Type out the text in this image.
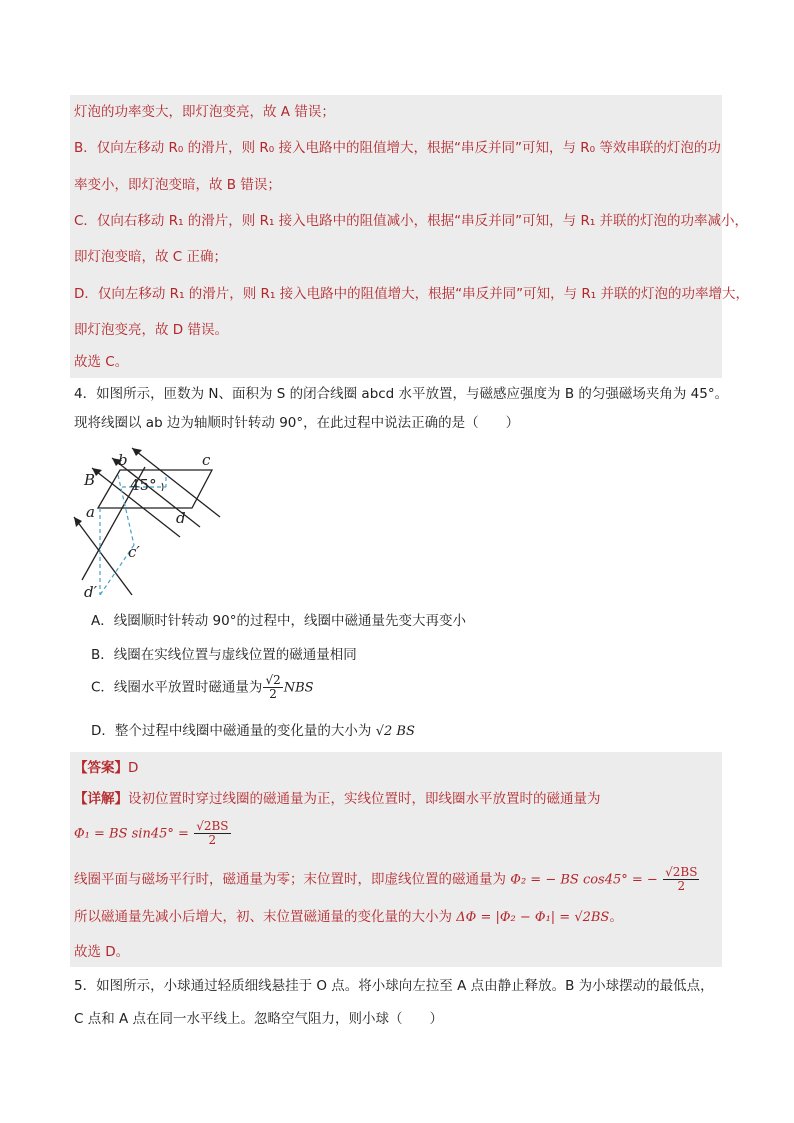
灯泡的功率变大，即灯泡变亮，故 A 错误；
B．仅向左移动 R₀ 的滑片，则 R₀ 接入电路中的阻值增大，根据“串反并同”可知，与 R₀ 等效串联的灯泡的功
率变小，即灯泡变暗，故 B 错误；
C．仅向右移动 R₁ 的滑片，则 R₁ 接入电路中的阻值减小，根据“串反并同”可知，与 R₁ 并联的灯泡的功率减小，
即灯泡变暗，故 C 正确；
D．仅向左移动 R₁ 的滑片，则 R₁ 接入电路中的阻值增大，根据“串反并同”可知，与 R₁ 并联的灯泡的功率增大，
即灯泡变亮，故 D 错误。
故选 C。
4．如图所示，匝数为 N、面积为 S 的闭合线圈 abcd 水平放置，与磁感应强度为 B 的匀强磁场夹角为 45°。
现将线圈以 ab 边为轴顺时针转动 90°，在此过程中说法正确的是（　　）
b	c
B 45°
a	d
c′
d′
A．线圈顺时针转动 90°的过程中，线圈中磁通量先变大再变小
B．线圈在实线位置与虚线位置的磁通量相同
C．线圈水平放置时磁通量为 $\frac{√2}{2}$ NBS
D．整个过程中线圈中磁通量的变化量的大小为 √2 BS
【答案】D
【详解】设初位置时穿过线圈的磁通量为正，实线位置时，即线圈水平放置时的磁通量为
Φ₁ = BS $\sin 45^\circ = \frac{√2BS}{2}$
线圈平面与磁场平行时，磁通量为零；末位置时，即虚线位置的磁通量为 Φ₂ = − BS cos45° = − $\frac{√2BS}{2}$
所以磁通量先减小后增大，初、末位置磁通量的变化量的大小为 ΔΦ = |Φ₂ − Φ₁| = √2BS。
故选 D。
5．如图所示，小球通过轻质细线悬挂于 O 点。将小球向左拉至 A 点由静止释放。B 为小球摆动的最低点，
C 点和 A 点在同一水平线上。忽略空气阻力，则小球（　　）
